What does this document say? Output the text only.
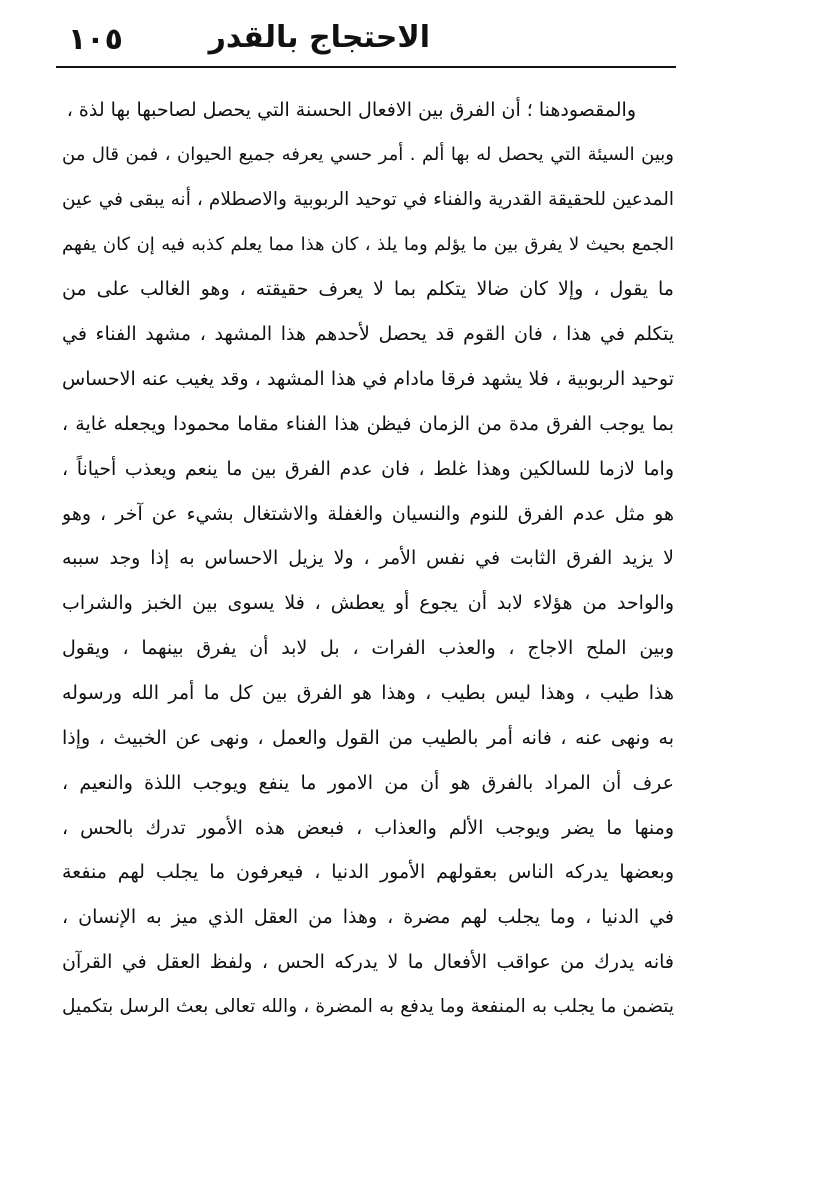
١٠٥	الاحتجاج بالقدر
والمقصودهنا ؛ أن الفرق بين الافعال الحسنة التي يحصل لصاحبها بها لذة ،
وبين السيئة التي يحصل له بها ألم . أمر حسي يعرفه جميع الحيوان ، فمن قال من
المدعين للحقيقة القدرية والفناء في توحيد الربوبية والاصطلام ، أنه يبقى في عين
الجمع بحيث لا يفرق بين ما يؤلم وما يلذ ، كان هذا مما يعلم كذبه فيه إن كان يفهم
ما يقول ، وإلا كان ضالا يتكلم بما لا يعرف حقيقته ، وهو الغالب على من
يتكلم في هذا ، فان القوم قد يحصل لأحدهم هذا المشهد ، مشهد الفناء في
توحيد الربوبية ، فلا يشهد فرقا مادام في هذا المشهد ، وقد يغيب عنه الاحساس
بما يوجب الفرق مدة من الزمان فيظن هذا الفناء مقاما محمودا ويجعله غاية ،
واما لازما للسالكين وهذا غلط ، فان عدم الفرق بين ما ينعم ويعذب أحياناً ،
هو مثل عدم الفرق للنوم والنسيان والغفلة والاشتغال بشيء عن آخر ، وهو
لا يزيد الفرق الثابت في نفس الأمر ، ولا يزيل الاحساس به إذا وجد سببه
والواحد من هؤلاء لابد أن يجوع أو يعطش ، فلا يسوى بين الخبز والشراب
وبين الملح الاجاج ، والعذب الفرات ، بل لابد أن يفرق بينهما ، ويقول
هذا طيب ، وهذا ليس بطيب ، وهذا هو الفرق بين كل ما أمر الله ورسوله
به ونهى عنه ، فانه أمر بالطيب من القول والعمل ، ونهى عن الخبيث ، وإذا
عرف أن المراد بالفرق هو أن من الامور ما ينفع ويوجب اللذة والنعيم ،
ومنها ما يضر ويوجب الألم والعذاب ، فبعض هذه الأمور تدرك بالحس ،
وبعضها يدركه الناس بعقولهم الأمور الدنيا ، فيعرفون ما يجلب لهم منفعة
في الدنيا ، وما يجلب لهم مضرة ، وهذا من العقل الذي ميز به الإنسان ،
فانه يدرك من عواقب الأفعال ما لا يدركه الحس ، ولفظ العقل في القرآن
يتضمن ما يجلب به المنفعة وما يدفع به المضرة ، والله تعالى بعث الرسل بتكميل
